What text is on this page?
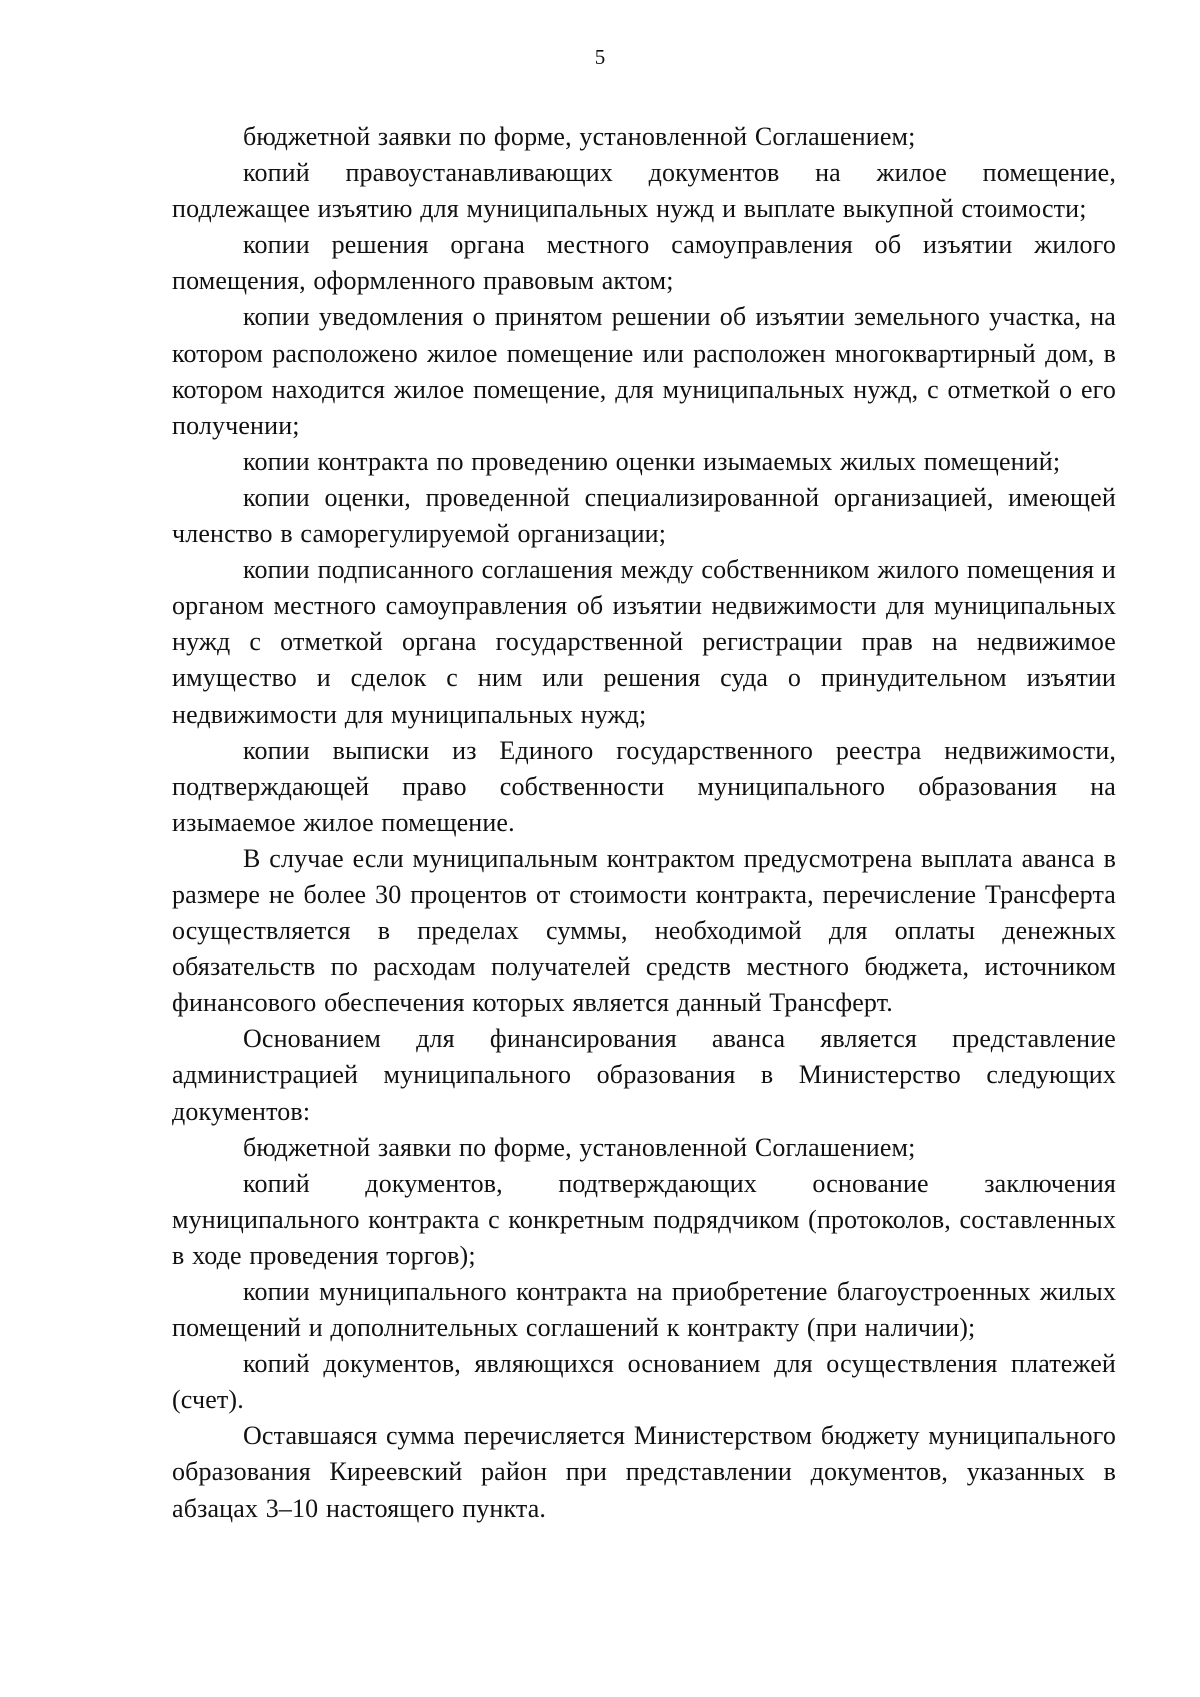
5

бюджетной заявки по форме, установленной Соглашением;

копий правоустанавливающих документов на жилое помещение, подлежащее изъятию для муниципальных нужд и выплате выкупной стоимости;

копии решения органа местного самоуправления об изъятии жилого помещения, оформленного правовым актом;

копии уведомления о принятом решении об изъятии земельного участка, на котором расположено жилое помещение или расположен многоквартирный дом, в котором находится жилое помещение, для муниципальных нужд, с отметкой о его получении;

копии контракта по проведению оценки изымаемых жилых помещений;

копии оценки, проведенной специализированной организацией, имеющей членство в саморегулируемой организации;

копии подписанного соглашения между собственником жилого помещения и органом местного самоуправления об изъятии недвижимости для муниципальных нужд с отметкой органа государственной регистрации прав на недвижимое имущество и сделок с ним или решения суда о принудительном изъятии недвижимости для муниципальных нужд;

копии выписки из Единого государственного реестра недвижимости, подтверждающей право собственности муниципального образования на изымаемое жилое помещение.

В случае если муниципальным контрактом предусмотрена выплата аванса в размере не более 30 процентов от стоимости контракта, перечисление Трансферта осуществляется в пределах суммы, необходимой для оплаты денежных обязательств по расходам получателей средств местного бюджета, источником финансового обеспечения которых является данный Трансферт.

Основанием для финансирования аванса является представление администрацией муниципального образования в Министерство следующих документов:

бюджетной заявки по форме, установленной Соглашением;

копий документов, подтверждающих основание заключения муниципального контракта с конкретным подрядчиком (протоколов, составленных в ходе проведения торгов);

копии муниципального контракта на приобретение благоустроенных жилых помещений и дополнительных соглашений к контракту (при наличии);

копий документов, являющихся основанием для осуществления платежей (счет).

Оставшаяся сумма перечисляется Министерством бюджету муниципального образования Киреевский район при представлении документов, указанных в абзацах 3–10 настоящего пункта.
